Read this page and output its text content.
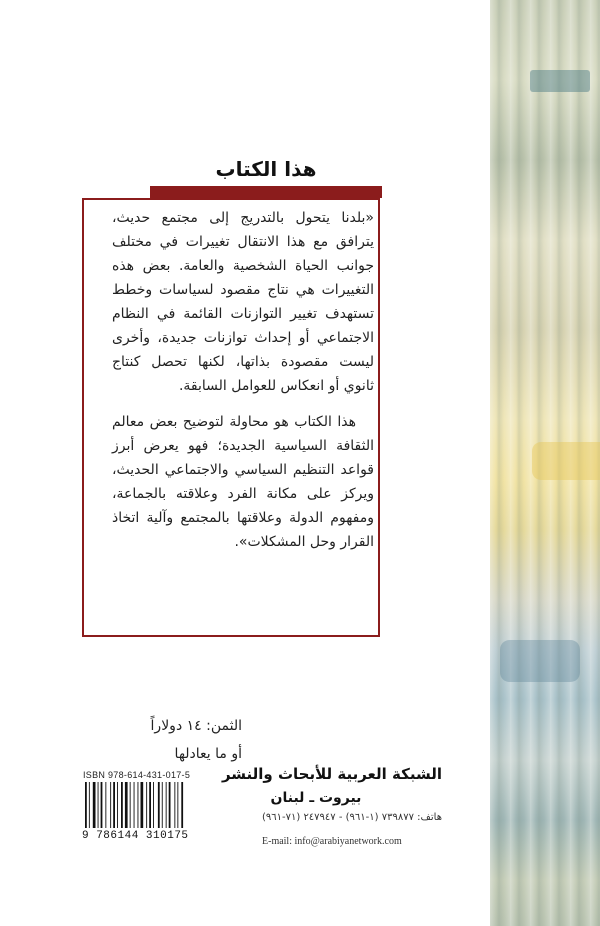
هذا الكتاب

«بلدنا يتحول بالتدريج إلى مجتمع حديث، يترافق مع هذا الانتقال تغييرات في مختلف جوانب الحياة الشخصية والعامة. بعض هذه التغييرات هي نتاج مقصود لسياسات وخطط تستهدف تغيير التوازنات القائمة في النظام الاجتماعي أو إحداث توازنات جديدة، وأخرى ليست مقصودة بذاتها، لكنها تحصل كنتاج ثانوي أو انعكاس للعوامل السابقة.

هذا الكتاب هو محاولة لتوضيح بعض معالم الثقافة السياسية الجديدة؛ فهو يعرض أبرز قواعد التنظيم السياسي والاجتماعي الحديث، ويركز على مكانة الفرد وعلاقته بالجماعة، ومفهوم الدولة وعلاقتها بالمجتمع وآلية اتخاذ القرار وحل المشكلات».

الثمن: ١٤ دولاراً
أو ما يعادلها
الشبكة العربية للأبحاث والنشر
بيروت ـ لبنان
هاتف: ٧٣٩٨٧٧ (١-٩٦١) - ٢٤٧٩٤٧ (٧١-٩٦١)
E-mail: info@arabiyanetwork.com
ISBN 978-614-431-017-5
9 786144 310175
